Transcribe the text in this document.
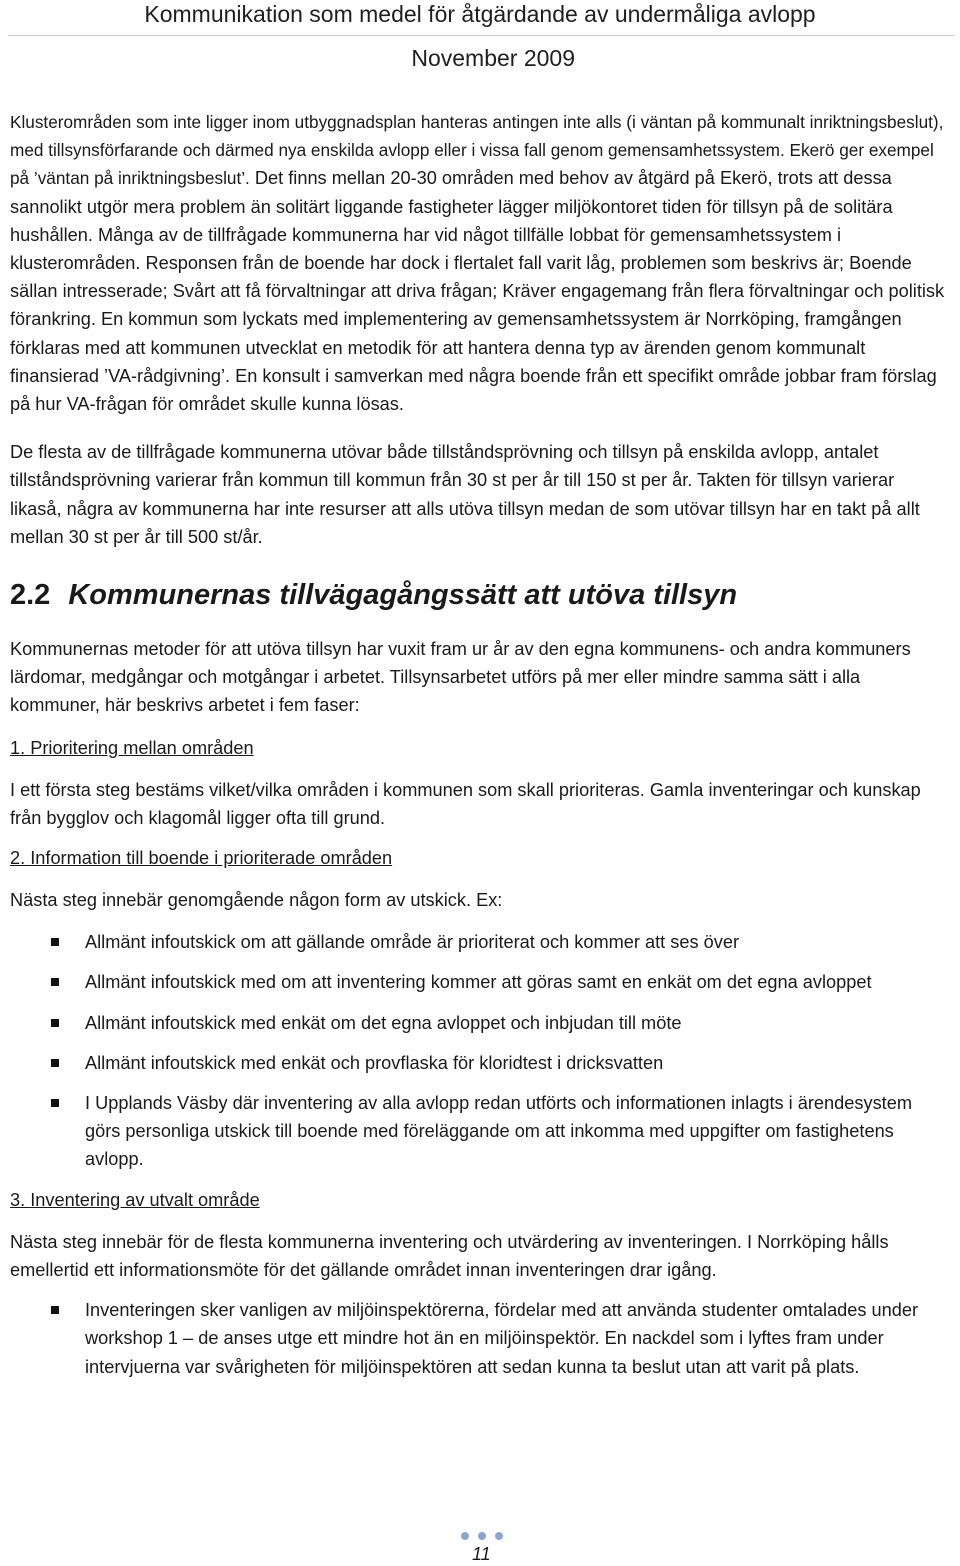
Kommunikation som medel för åtgärdande av undermåliga avlopp
November 2009

Klusterområden som inte ligger inom utbyggnadsplan hanteras antingen inte alls (i väntan på kommunalt inriktningsbeslut), med tillsynsförfarande och därmed nya enskilda avlopp eller i vissa fall genom gemensamhetssystem. Ekerö ger exempel på ’väntan på inriktningsbeslut’. Det finns mellan 20-30 områden med behov av åtgärd på Ekerö, trots att dessa sannolikt utgör mera problem än solitärt liggande fastigheter lägger miljökontoret tiden för tillsyn på de solitära hushållen. Många av de tillfrågade kommunerna har vid något tillfälle lobbat för gemensamhetssystem i klusterområden. Responsen från de boende har dock i flertalet fall varit låg, problemen som beskrivs är; Boende sällan intresserade; Svårt att få förvaltningar att driva frågan; Kräver engagemang från flera förvaltningar och politisk förankring. En kommun som lyckats med implementering av gemensamhetssystem är Norrköping, framgången förklaras med att kommunen utvecklat en metodik för att hantera denna typ av ärenden genom kommunalt finansierad ’VA-rådgivning’. En konsult i samverkan med några boende från ett specifikt område jobbar fram förslag på hur VA-frågan för området skulle kunna lösas.

De flesta av de tillfrågade kommunerna utövar både tillståndsprövning och tillsyn på enskilda avlopp, antalet tillståndsprövning varierar från kommun till kommun från 30 st per år till 150 st per år. Takten för tillsyn varierar likaså, några av kommunerna har inte resurser att alls utöva tillsyn medan de som utövar tillsyn har en takt på allt mellan 30 st per år till 500 st/år.

2.2 Kommunernas tillvägagångssätt att utöva tillsyn

Kommunernas metoder för att utöva tillsyn har vuxit fram ur år av den egna kommunens- och andra kommuners lärdomar, medgångar och motgångar i arbetet. Tillsynsarbetet utförs på mer eller mindre samma sätt i alla kommuner, här beskrivs arbetet i fem faser:

1. Prioritering mellan områden

I ett första steg bestäms vilket/vilka områden i kommunen som skall prioriteras. Gamla inventeringar och kunskap från bygglov och klagomål ligger ofta till grund.

2. Information till boende i prioriterade områden

Nästa steg innebär genomgående någon form av utskick. Ex:

Allmänt infoutskick om att gällande område är prioriterat och kommer att ses över
Allmänt infoutskick med om att inventering kommer att göras samt en enkät om det egna avloppet
Allmänt infoutskick med enkät om det egna avloppet och inbjudan till möte
Allmänt infoutskick med enkät och provflaska för kloridtest i dricksvatten
I Upplands Väsby där inventering av alla avlopp redan utförts och informationen inlagts i ärendesystem görs personliga utskick till boende med föreläggande om att inkomma med uppgifter om fastighetens avlopp.
3. Inventering av utvalt område

Nästa steg innebär för de flesta kommunerna inventering och utvärdering av inventeringen. I Norrköping hålls emellertid ett informationsmöte för det gällande området innan inventeringen drar igång.

Inventeringen sker vanligen av miljöinspektörerna, fördelar med att använda studenter omtalades under workshop 1 – de anses utge ett mindre hot än en miljöinspektör. En nackdel som i lyftes fram under intervjuerna var svårigheten för miljöinspektören att sedan kunna ta beslut utan att varit på plats.
11
